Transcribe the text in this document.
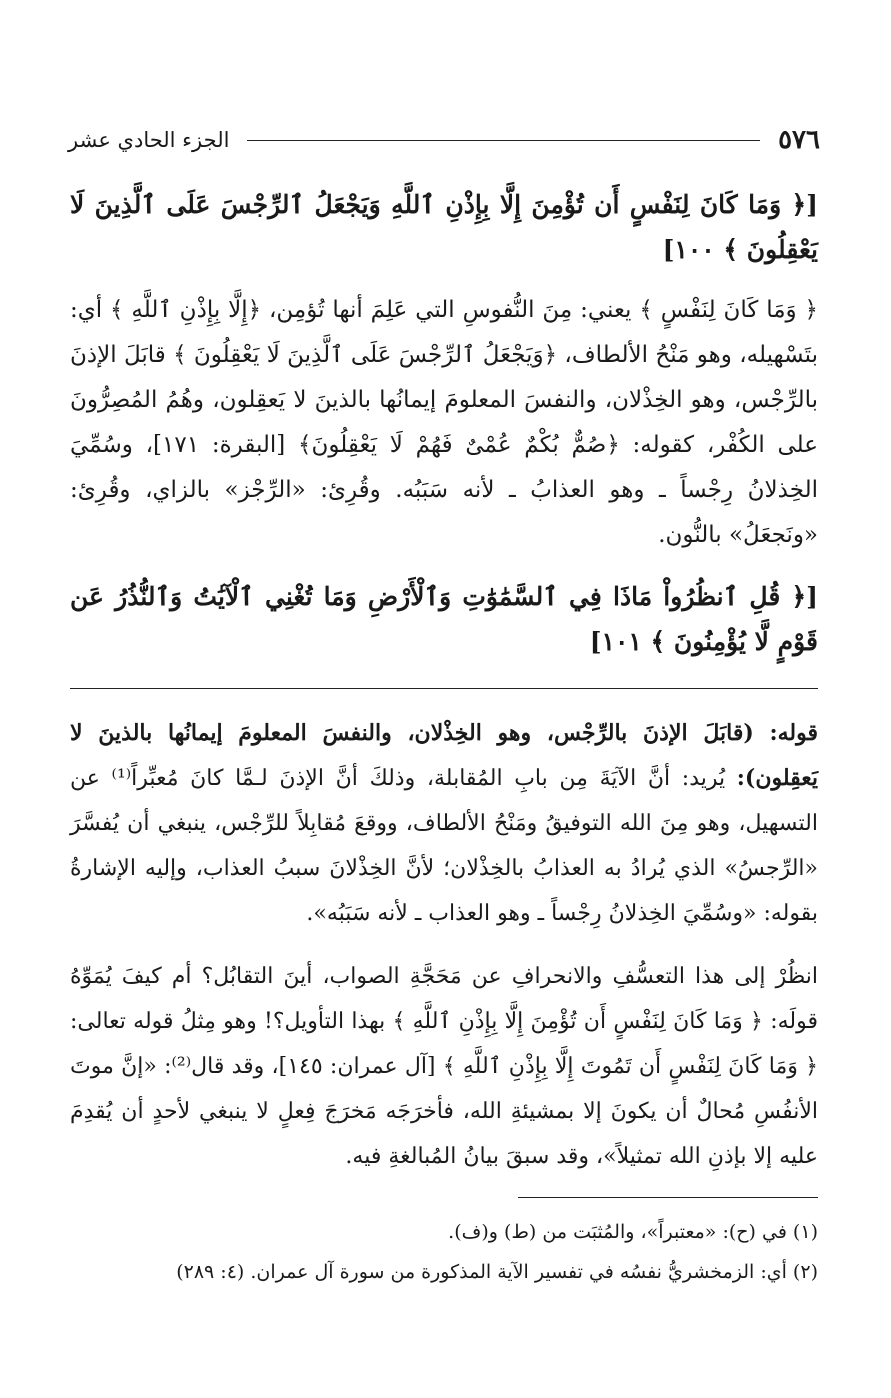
٥٧٦
الجزء الحادي عشر

[﴿ وَمَا كَانَ لِنَفْسٍ أَن تُؤْمِنَ إِلَّا بِإِذْنِ ٱللَّهِ وَيَجْعَلُ ٱلرِّجْسَ عَلَى ٱلَّذِينَ لَا يَعْقِلُونَ ﴾ ١٠٠]

﴿ وَمَا كَانَ لِنَفْسٍ ﴾ يعني: مِنَ النُّفوسِ التي عَلِمَ أنها تُؤمِن، ﴿إِلَّا بِإِذْنِ ٱللَّهِ ﴾ أي: بتَسْهيله، وهو مَنْحُ الألطاف، ﴿وَيَجْعَلُ ٱلرِّجْسَ عَلَى ٱلَّذِينَ لَا يَعْقِلُونَ ﴾ قابَلَ الإذنَ بالرِّجْس، وهو الخِذْلان، والنفسَ المعلومَ إيمانُها بالذينَ لا يَعقِلون، وهُمُ المُصِرُّونَ على الكُفْر، كقوله: ﴿صُمٌّ بُكْمٌ عُمْىٌ فَهُمْ لَا يَعْقِلُونَ﴾ [البقرة: ١٧١]، وسُمِّيَ الخِذلانُ رِجْساً ـ وهو العذابُ ـ لأنه سَبَبُه. وقُرِئ: «الرِّجْز» بالزاي، وقُرِئ: «ونَجعَلُ» بالنُّون.

[﴿ قُلِ ٱنظُرُواْ مَاذَا فِي ٱلسَّمَٰوَٰتِ وَٱلْأَرْضِ وَمَا تُغْنِي ٱلْآيَٰتُ وَٱلنُّذُرُ عَن قَوْمٍ لَّا يُؤْمِنُونَ ﴾ ١٠١]

قوله: (قابَلَ الإذنَ بالرِّجْس، وهو الخِذْلان، والنفسَ المعلومَ إيمانُها بالذينَ لا يَعقِلون): يُريد: أنَّ الآيَةَ مِن بابِ المُقابلة، وذلكَ أنَّ الإذنَ لـمَّا كانَ مُعبِّراً⁽¹⁾ عن التسهيل، وهو مِنَ الله التوفيقُ ومَنْحُ الألطاف، ووقعَ مُقابِلاً للرِّجْس، ينبغي أن يُفسَّرَ «الرِّجسُ» الذي يُرادُ به العذابُ بالخِذْلان؛ لأنَّ الخِذْلانَ سببُ العذاب، وإليه الإشارةُ بقوله: «وسُمِّيَ الخِذلانُ رِجْساً ـ وهو العذاب ـ لأنه سَبَبُه».

انظُرْ إلى هذا التعسُّفِ والانحرافِ عن مَحَجَّةِ الصواب، أينَ التقابُل؟ أم كيفَ يُمَوِّهُ قولَه: ﴿ وَمَا كَانَ لِنَفْسٍ أَن تُؤْمِنَ إِلَّا بِإِذْنِ ٱللَّهِ ﴾ بهذا التأويل؟! وهو مِثلُ قوله تعالى: ﴿ وَمَا كَانَ لِنَفْسٍ أَن تَمُوتَ إِلَّا بِإِذْنِ ٱللَّهِ ﴾ [آل عمران: ١٤٥]، وقد قال⁽²⁾: «إنَّ موتَ الأنفُسِ مُحالٌ أن يكونَ إلا بمشيئةِ الله، فأخرَجَه مَخرَجَ فِعلٍ لا ينبغي لأحدٍ أن يُقدِمَ عليه إلا بإذنِ الله تمثيلاً»، وقد سبقَ بيانُ المُبالغةِ فيه.

(١) في (ح): «معتبراً»، والمُثبَت من (ط) و(ف).

(٢) أي: الزمخشريُّ نفسُه في تفسير الآية المذكورة من سورة آل عمران. (٤: ٢٨٩)
